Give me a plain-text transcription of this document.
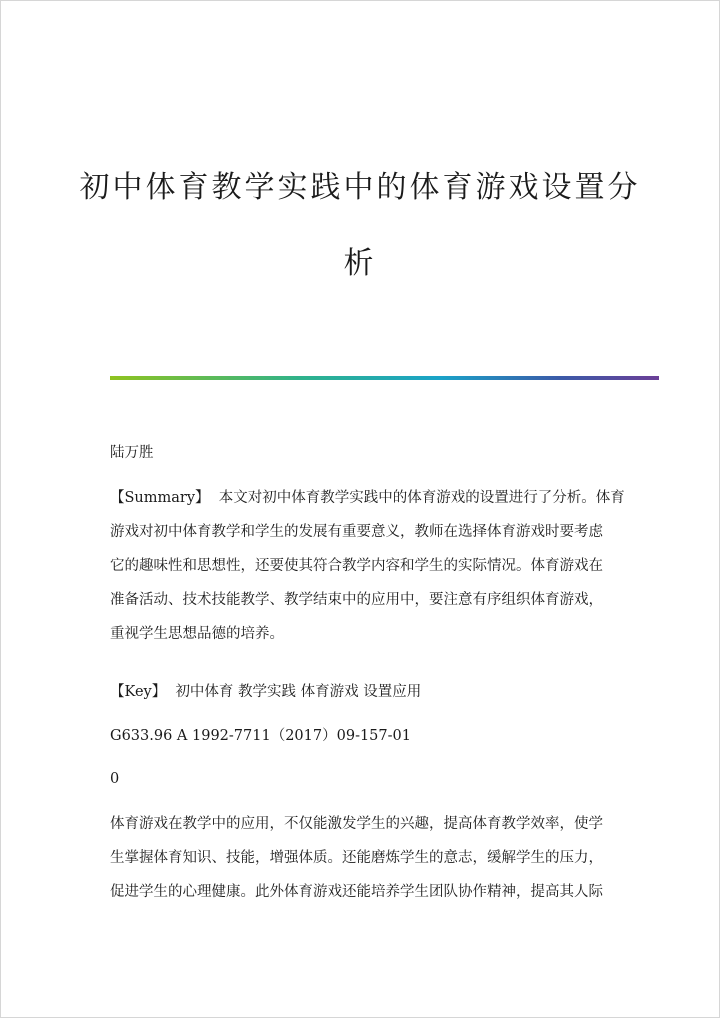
初中体育教学实践中的体育游戏设置分
析

陆万胜

【Summary】 本文对初中体育教学实践中的体育游戏的设置进行了分析。体育

游戏对初中体育教学和学生的发展有重要意义，教师在选择体育游戏时要考虑

它的趣味性和思想性，还要使其符合教学内容和学生的实际情况。体育游戏在

准备活动、技术技能教学、教学结束中的应用中，要注意有序组织体育游戏，

重视学生思想品德的培养。

【Key】 初中体育 教学实践 体育游戏 设置应用

G633.96 A 1992-7711（2017）09-157-01

0

体育游戏在教学中的应用，不仅能激发学生的兴趣，提高体育教学效率，使学

生掌握体育知识、技能，增强体质。还能磨炼学生的意志，缓解学生的压力，

促进学生的心理健康。此外体育游戏还能培养学生团队协作精神，提高其人际
